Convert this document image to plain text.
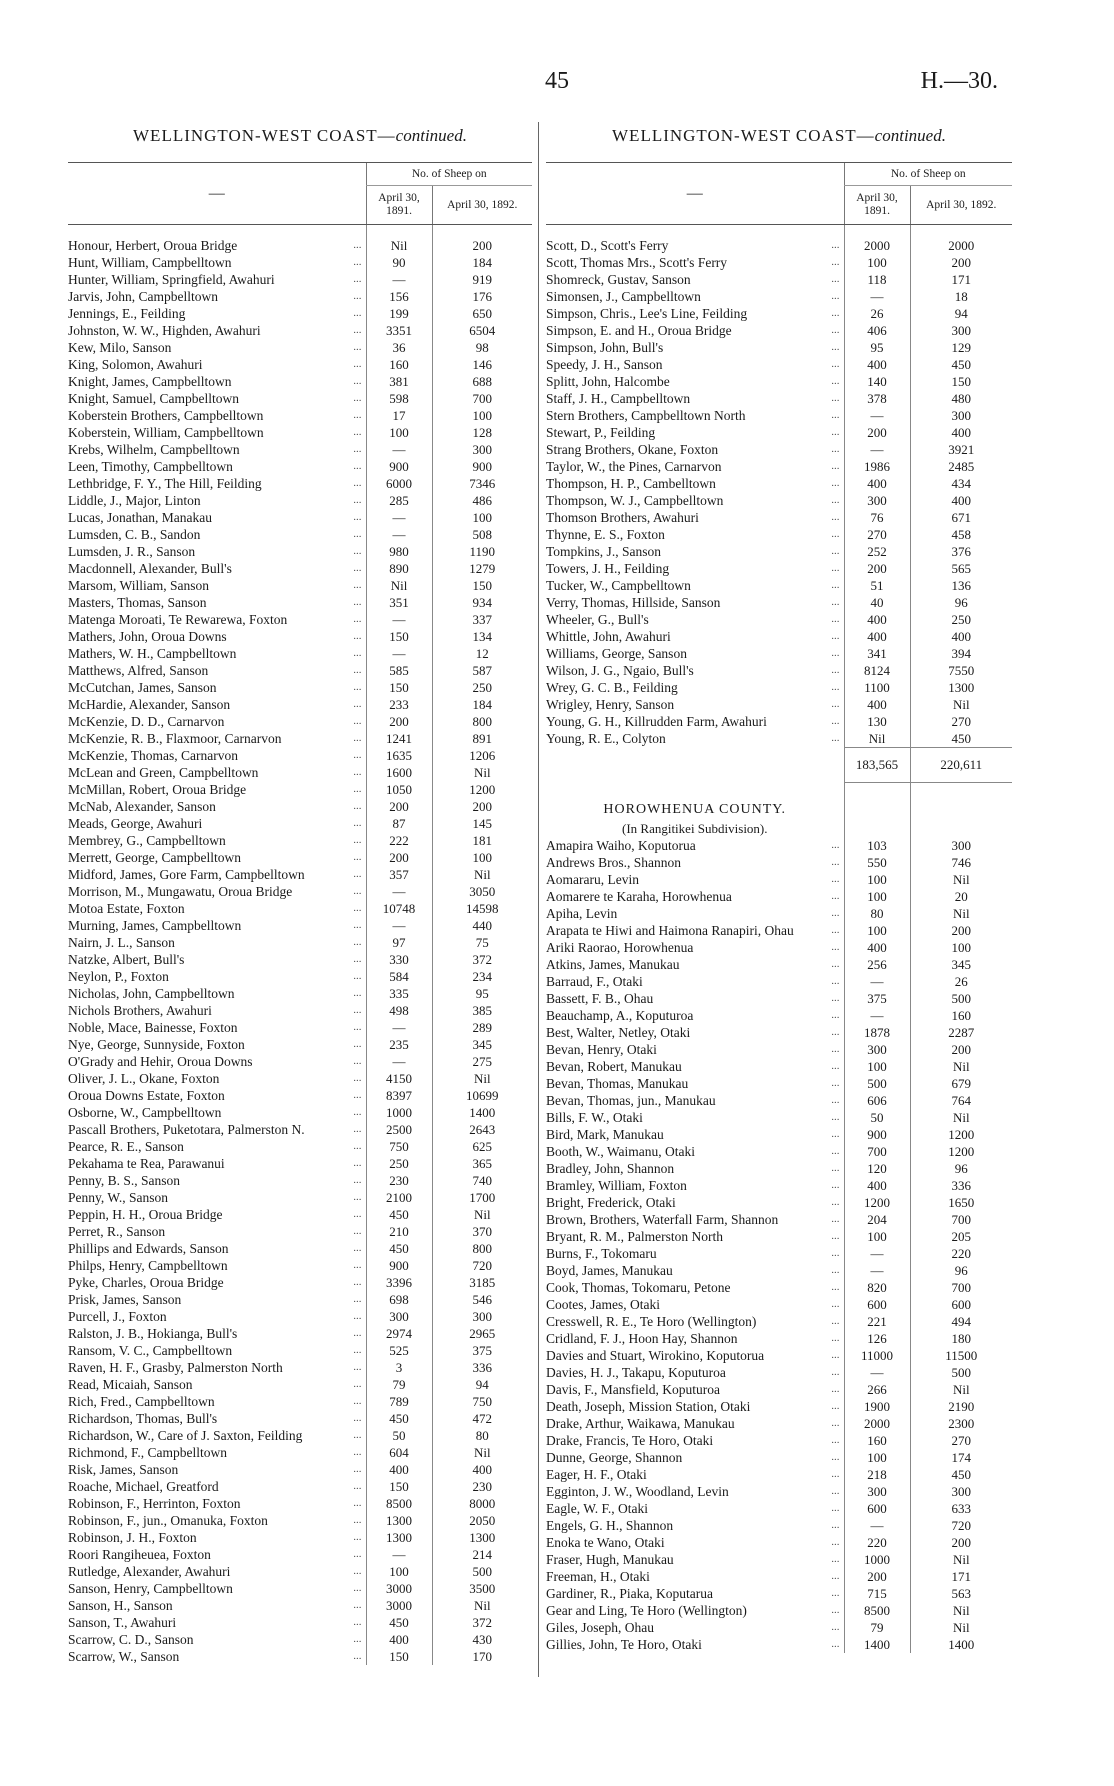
45	H.—30.
WELLINGTON-WEST COAST—continued.
—	No. of Sheep on	
	April 30, 1891.	April 30, 1892.

...
Honour, Herbert, Oroua Bridge	Nil	200

...
Hunt, William, Campbelltown	90	184

...
Hunter, William, Springfield, Awahuri	—	919

...
Jarvis, John, Campbelltown	156	176

...
Jennings, E., Feilding	199	650

...
Johnston, W. W., Highden, Awahuri	3351	6504

...
Kew, Milo, Sanson	36	98

...
King, Solomon, Awahuri	160	146

...
Knight, James, Campbelltown	381	688

...
Knight, Samuel, Campbelltown	598	700

...
Koberstein Brothers, Campbelltown	17	100

...
Koberstein, William, Campbelltown	100	128

...
Krebs, Wilhelm, Campbelltown	—	300

...
Leen, Timothy, Campbelltown	900	900

...
Lethbridge, F. Y., The Hill, Feilding	6000	7346

...
Liddle, J., Major, Linton	285	486

...
Lucas, Jonathan, Manakau	—	100

...
Lumsden, C. B., Sandon	—	508

...
Lumsden, J. R., Sanson	980	1190

...
Macdonnell, Alexander, Bull's	890	1279

...
Marsom, William, Sanson	Nil	150

...
Masters, Thomas, Sanson	351	934

...
Matenga Moroati, Te Rewarewa, Foxton	—	337

...
Mathers, John, Oroua Downs	150	134

...
Mathers, W. H., Campbelltown	—	12

...
Matthews, Alfred, Sanson	585	587

...
McCutchan, James, Sanson	150	250

...
McHardie, Alexander, Sanson	233	184

...
McKenzie, D. D., Carnarvon	200	800

...
McKenzie, R. B., Flaxmoor, Carnarvon	1241	891

...
McKenzie, Thomas, Carnarvon	1635	1206

...
McLean and Green, Campbelltown	1600	Nil

...
McMillan, Robert, Oroua Bridge	1050	1200

...
McNab, Alexander, Sanson	200	200

...
Meads, George, Awahuri	87	145

...
Membrey, G., Campbelltown	222	181

...
Merrett, George, Campbelltown	200	100

...
Midford, James, Gore Farm, Campbelltown	357	Nil

...
Morrison, M., Mungawatu, Oroua Bridge	—	3050

...
Motoa Estate, Foxton	10748	14598

...
Murning, James, Campbelltown	—	440

...
Nairn, J. L., Sanson	97	75

...
Natzke, Albert, Bull's	330	372

...
Neylon, P., Foxton	584	234

...
Nicholas, John, Campbelltown	335	95

...
Nichols Brothers, Awahuri	498	385

...
Noble, Mace, Bainesse, Foxton	—	289

...
Nye, George, Sunnyside, Foxton	235	345

...
O'Grady and Hehir, Oroua Downs	—	275

...
Oliver, J. L., Okane, Foxton	4150	Nil

...
Oroua Downs Estate, Foxton	8397	10699

...
Osborne, W., Campbelltown	1000	1400

...
Pascall Brothers, Puketotara, Palmerston N.	2500	2643

...
Pearce, R. E., Sanson	750	625

...
Pekahama te Rea, Parawanui	250	365

...
Penny, B. S., Sanson	230	740

...
Penny, W., Sanson	2100	1700

...
Peppin, H. H., Oroua Bridge	450	Nil

...
Perret, R., Sanson	210	370

...
Phillips and Edwards, Sanson	450	800

...
Philps, Henry, Campbelltown	900	720

...
Pyke, Charles, Oroua Bridge	3396	3185

...
Prisk, James, Sanson	698	546

...
Purcell, J., Foxton	300	300

...
Ralston, J. B., Hokianga, Bull's	2974	2965

...
Ransom, V. C., Campbelltown	525	375

...
Raven, H. F., Grasby, Palmerston North	3	336

...
Read, Micaiah, Sanson	79	94

...
Rich, Fred., Campbelltown	789	750

...
Richardson, Thomas, Bull's	450	472

...
Richardson, W., Care of J. Saxton, Feilding	50	80

...
Richmond, F., Campbelltown	604	Nil

...
Risk, James, Sanson	400	400

...
Roache, Michael, Greatford	150	230

...
Robinson, F., Herrinton, Foxton	8500	8000

...
Robinson, F., jun., Omanuka, Foxton	1300	2050

...
Robinson, J. H., Foxton	1300	1300

...
Roori Rangiheuea, Foxton	—	214

...
Rutledge, Alexander, Awahuri	100	500

...
Sanson, Henry, Campbelltown	3000	3500

...
Sanson, H., Sanson	3000	Nil

...
Sanson, T., Awahuri	450	372

...
Scarrow, C. D., Sanson	400	430

...
Scarrow, W., Sanson	150	170
WELLINGTON-WEST COAST—continued.
—	No. of Sheep on	
	April 30, 1891.	April 30, 1892.

...
Scott, D., Scott's Ferry	2000	2000

...
Scott, Thomas Mrs., Scott's Ferry	100	200

...
Shomreck, Gustav, Sanson	118	171

...
Simonsen, J., Campbelltown	—	18

...
Simpson, Chris., Lee's Line, Feilding	26	94

...
Simpson, E. and H., Oroua Bridge	406	300

...
Simpson, John, Bull's	95	129

...
Speedy, J. H., Sanson	400	450

...
Splitt, John, Halcombe	140	150

...
Staff, J. H., Campbelltown	378	480

...
Stern Brothers, Campbelltown North	—	300

...
Stewart, P., Feilding	200	400

...
Strang Brothers, Okane, Foxton	—	3921

...
Taylor, W., the Pines, Carnarvon	1986	2485

...
Thompson, H. P., Cambelltown	400	434

...
Thompson, W. J., Campbelltown	300	400

...
Thomson Brothers, Awahuri	76	671

...
Thynne, E. S., Foxton	270	458

...
Tompkins, J., Sanson	252	376

...
Towers, J. H., Feilding	200	565

...
Tucker, W., Campbelltown	51	136

...
Verry, Thomas, Hillside, Sanson	40	96

...
Wheeler, G., Bull's	400	250

...
Whittle, John, Awahuri	400	400

...
Williams, George, Sanson	341	394

...
Wilson, J. G., Ngaio, Bull's	8124	7550

...
Wrey, G. C. B., Feilding	1100	1300

...
Wrigley, Henry, Sanson	400	Nil

...
Young, G. H., Killrudden Farm, Awahuri	130	270

...
Young, R. E., Colyton	Nil	450
	183,565	220,611

HOROWHENUA COUNTY.		
(In Rangitikei Subdivision).		

...
Amapira Waiho, Koputorua	103	300

...
Andrews Bros., Shannon	550	746

...
Aomararu, Levin	100	Nil

...
Aomarere te Karaha, Horowhenua	100	20

...
Apiha, Levin	80	Nil

...
Arapata te Hiwi and Haimona Ranapiri, Ohau	100	200

...
Ariki Raorao, Horowhenua	400	100

...
Atkins, James, Manukau	256	345

...
Barraud, F., Otaki	—	26

...
Bassett, F. B., Ohau	375	500

...
Beauchamp, A., Koputuroa	—	160

...
Best, Walter, Netley, Otaki	1878	2287

...
Bevan, Henry, Otaki	300	200

...
Bevan, Robert, Manukau	100	Nil

...
Bevan, Thomas, Manukau	500	679

...
Bevan, Thomas, jun., Manukau	606	764

...
Bills, F. W., Otaki	50	Nil

...
Bird, Mark, Manukau	900	1200

...
Booth, W., Waimanu, Otaki	700	1200

...
Bradley, John, Shannon	120	96

...
Bramley, William, Foxton	400	336

...
Bright, Frederick, Otaki	1200	1650

...
Brown, Brothers, Waterfall Farm, Shannon	204	700

...
Bryant, R. M., Palmerston North	100	205

...
Burns, F., Tokomaru	—	220

...
Boyd, James, Manukau	—	96

...
Cook, Thomas, Tokomaru, Petone	820	700

...
Cootes, James, Otaki	600	600

...
Cresswell, R. E., Te Horo (Wellington)	221	494

...
Cridland, F. J., Hoon Hay, Shannon	126	180

...
Davies and Stuart, Wirokino, Koputorua	11000	11500

...
Davies, H. J., Takapu, Koputuroa	—	500

...
Davis, F., Mansfield, Koputuroa	266	Nil

...
Death, Joseph, Mission Station, Otaki	1900	2190

...
Drake, Arthur, Waikawa, Manukau	2000	2300

...
Drake, Francis, Te Horo, Otaki	160	270

...
Dunne, George, Shannon	100	174

...
Eager, H. F., Otaki	218	450

...
Egginton, J. W., Woodland, Levin	300	300

...
Eagle, W. F., Otaki	600	633

...
Engels, G. H., Shannon	—	720

...
Enoka te Wano, Otaki	220	200

...
Fraser, Hugh, Manukau	1000	Nil

...
Freeman, H., Otaki	200	171

...
Gardiner, R., Piaka, Koputarua	715	563

...
Gear and Ling, Te Horo (Wellington)	8500	Nil

...
Giles, Joseph, Ohau	79	Nil

...
Gillies, John, Te Horo, Otaki	1400	1400
